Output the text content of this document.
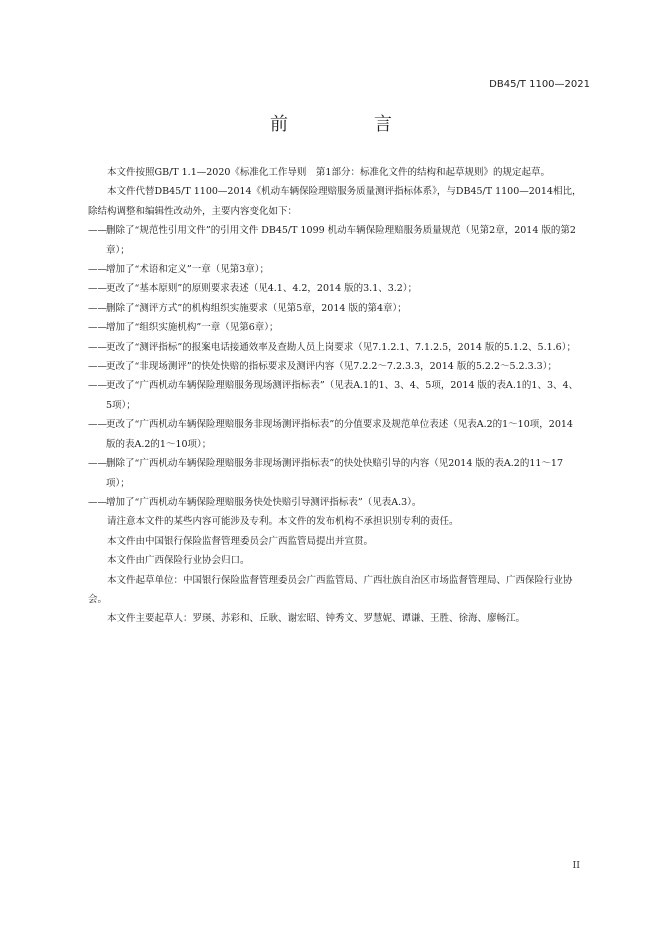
DB45/T 1100—2021
前　言

本文件按照GB/T 1.1—2020《标准化工作导则　第1部分：标准化文件的结构和起草规则》的规定起草。

本文件代替DB45/T 1100—2014《机动车辆保险理赔服务质量测评指标体系》，与DB45/T 1100—2014相比，除结构调整和编辑性改动外，主要内容变化如下：

—— 删除了“规范性引用文件”的引用文件 DB45/T 1099 机动车辆保险理赔服务质量规范（见第2章，2014 版的第2章）；

—— 增加了“术语和定义”一章（见第3章）；

—— 更改了“基本原则”的原则要求表述（见4.1、4.2，2014 版的3.1、3.2）；

—— 删除了“测评方式”的机构组织实施要求（见第5章，2014 版的第4章）；

—— 增加了“组织实施机构”一章（见第6章）；

—— 更改了“测评指标”的报案电话接通效率及查勘人员上岗要求（见7.1.2.1、7.1.2.5，2014 版的5.1.2、5.1.6）；

—— 更改了“非现场测评”的快处快赔的指标要求及测评内容（见7.2.2～7.2.3.3，2014 版的5.2.2～5.2.3.3）；

—— 更改了“广西机动车辆保险理赔服务现场测评指标表”（见表A.1的1、3、4、5项，2014 版的表A.1的1、3、4、5项）；

—— 更改了“广西机动车辆保险理赔服务非现场测评指标表”的分值要求及规范单位表述（见表A.2的1～10项，2014 版的表A.2的1～10项）；

—— 删除了“广西机动车辆保险理赔服务非现场测评指标表”的快处快赔引导的内容（见2014 版的表A.2的11～17项）；

—— 增加了“广西机动车辆保险理赔服务快处快赔引导测评指标表”（见表A.3）。

请注意本文件的某些内容可能涉及专利。本文件的发布机构不承担识别专利的责任。

本文件由中国银行保险监督管理委员会广西监管局提出并宣贯。

本文件由广西保险行业协会归口。

本文件起草单位：中国银行保险监督管理委员会广西监管局、广西壮族自治区市场监督管理局、广西保险行业协会。

本文件主要起草人：罗瑛、苏彩和、丘耿、谢宏昭、钟秀文、罗慧妮、谭谦、王胜、徐海、廖畅江。

II
